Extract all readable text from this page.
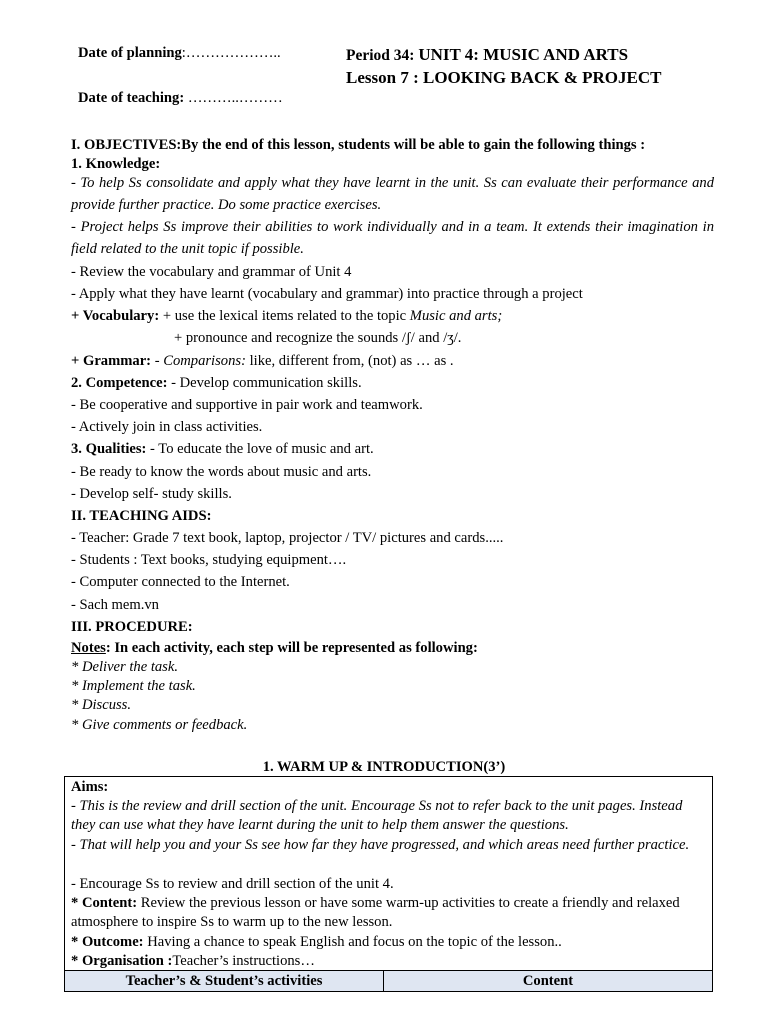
Date of planning:………………..
Date of teaching: ………..………
Period 34: UNIT 4: MUSIC AND ARTS
Lesson 7 : LOOKING BACK & PROJECT
I. OBJECTIVES:By the end of this lesson, students will be able to gain the following things :
1. Knowledge:
- To help Ss consolidate and apply what they have learnt in the unit. Ss can evaluate their performance and provide further practice. Do some practice exercises.
- Project helps Ss improve their abilities to work individually and in a team. It extends their imagination in field related to the unit topic if possible.
- Review the vocabulary and grammar of Unit 4
- Apply what they have learnt (vocabulary and grammar) into practice through a project
+ Vocabulary: + use the lexical items related to the topic Music and arts;
+ pronounce and recognize the sounds /ʃ/ and /ʒ/.
+ Grammar: - Comparisons: like, different from, (not) as … as .
2. Competence: - Develop communication skills.
- Be cooperative and supportive in pair work and teamwork.
- Actively join in class activities.
3. Qualities: - To educate the love of music and art.
- Be ready to know the words about music and arts.
- Develop self- study skills.
II. TEACHING AIDS:
- Teacher: Grade 7 text book, laptop, projector / TV/ pictures and cards.....
- Students : Text books, studying equipment….
- Computer connected to the Internet.
- Sach mem.vn
III. PROCEDURE:
Notes: In each activity, each step will be represented as following:
* Deliver the task.
* Implement the task.
* Discuss.
* Give comments or feedback.
1. WARM UP & INTRODUCTION(3’)
Aims:
- This is the review and drill section of the unit. Encourage Ss not to refer back to the unit pages. Instead they can use what they have learnt during the unit to help them answer the questions.
- That will help you and your Ss see how far they have progressed, and which areas need further practice.
- Encourage Ss to review and drill section of the unit 4.
* Content: Review the previous lesson or have some warm-up activities to create a friendly and relaxed atmosphere to inspire Ss to warm up to the new lesson.
* Outcome: Having a chance to speak English and focus on the topic of the lesson..
* Organisation :Teacher’s instructions…
Teacher’s & Student’s activities	Content
